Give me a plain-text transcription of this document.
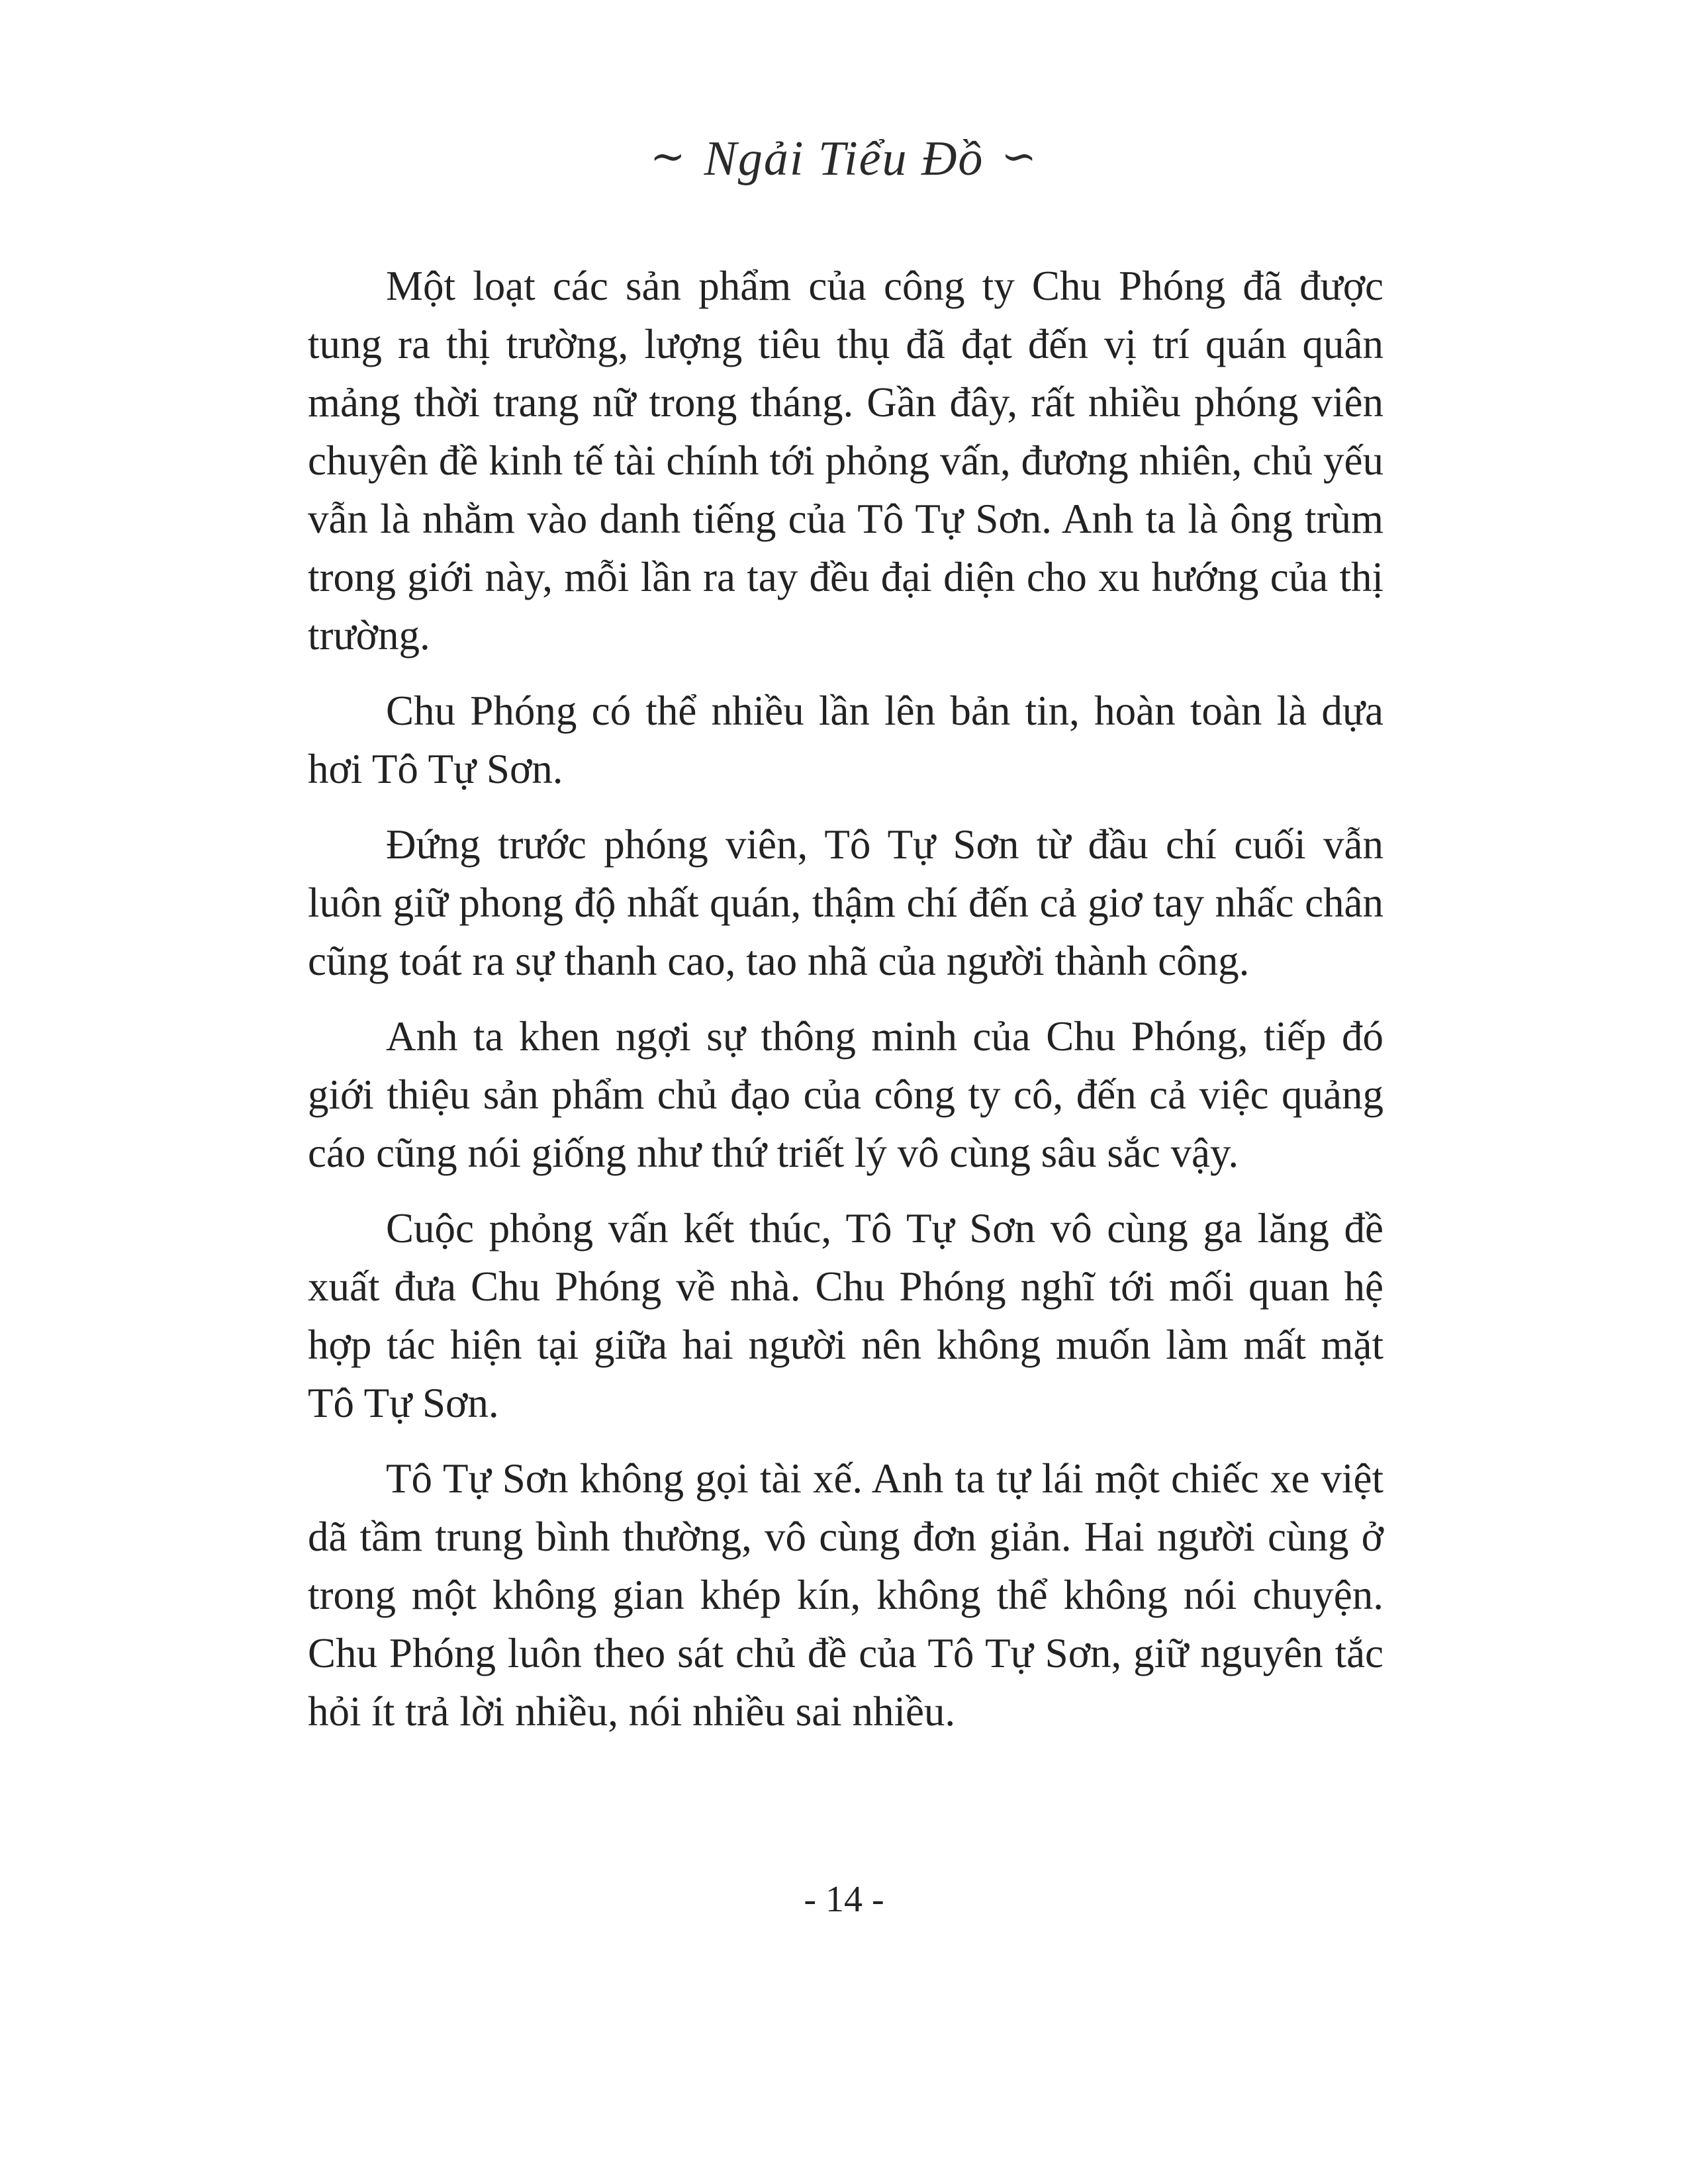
∼ Ngải Tiểu Đồ ∽

Một loạt các sản phẩm của công ty Chu Phóng đã được tung ra thị trường, lượng tiêu thụ đã đạt đến vị trí quán quân mảng thời trang nữ trong tháng. Gần đây, rất nhiều phóng viên chuyên đề kinh tế tài chính tới phỏng vấn, đương nhiên, chủ yếu vẫn là nhằm vào danh tiếng của Tô Tự Sơn. Anh ta là ông trùm trong giới này, mỗi lần ra tay đều đại diện cho xu hướng của thị trường.

Chu Phóng có thể nhiều lần lên bản tin, hoàn toàn là dựa hơi Tô Tự Sơn.

Đứng trước phóng viên, Tô Tự Sơn từ đầu chí cuối vẫn luôn giữ phong độ nhất quán, thậm chí đến cả giơ tay nhấc chân cũng toát ra sự thanh cao, tao nhã của người thành công.

Anh ta khen ngợi sự thông minh của Chu Phóng, tiếp đó giới thiệu sản phẩm chủ đạo của công ty cô, đến cả việc quảng cáo cũng nói giống như thứ triết lý vô cùng sâu sắc vậy.

Cuộc phỏng vấn kết thúc, Tô Tự Sơn vô cùng ga lăng đề xuất đưa Chu Phóng về nhà. Chu Phóng nghĩ tới mối quan hệ hợp tác hiện tại giữa hai người nên không muốn làm mất mặt Tô Tự Sơn.

Tô Tự Sơn không gọi tài xế. Anh ta tự lái một chiếc xe việt dã tầm trung bình thường, vô cùng đơn giản. Hai người cùng ở trong một không gian khép kín, không thể không nói chuyện. Chu Phóng luôn theo sát chủ đề của Tô Tự Sơn, giữ nguyên tắc hỏi ít trả lời nhiều, nói nhiều sai nhiều.

- 14 -
